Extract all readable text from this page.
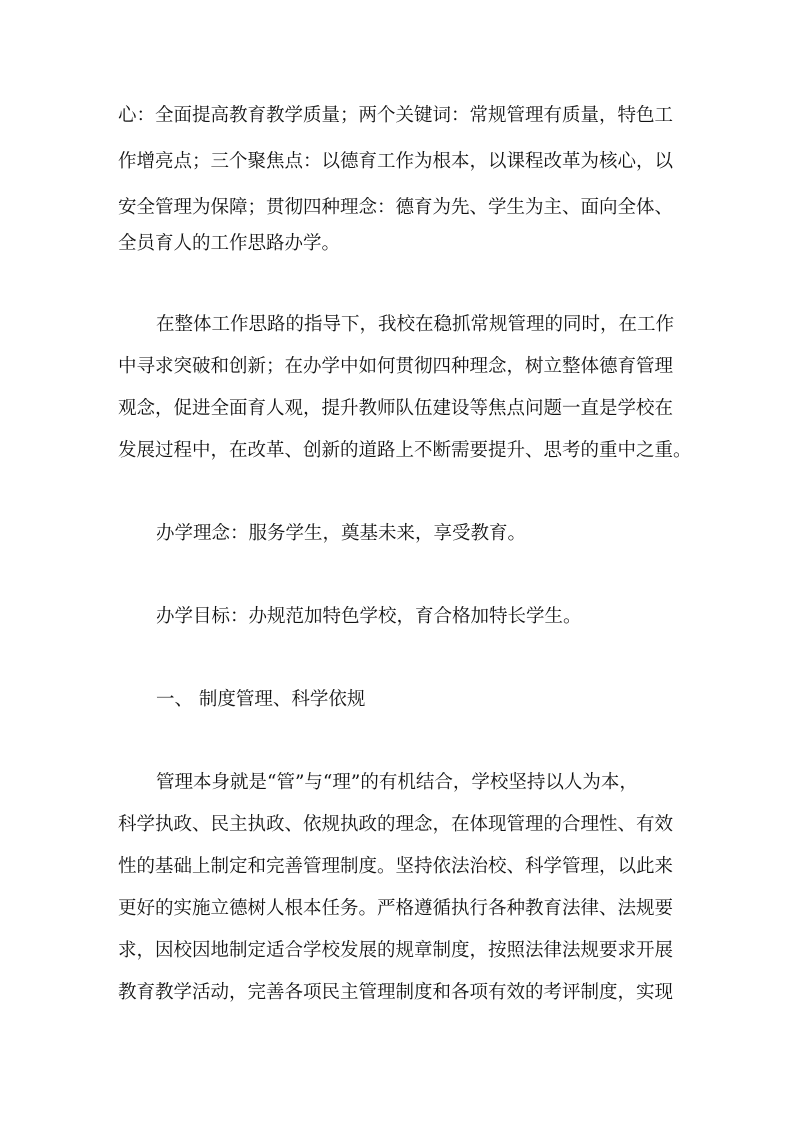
心：全面提高教育教学质量；两个关键词：常规管理有质量，特色工
作增亮点；三个聚焦点：以德育工作为根本，以课程改革为核心，以
安全管理为保障；贯彻四种理念：德育为先、学生为主、面向全体、
全员育人的工作思路办学。
在整体工作思路的指导下，我校在稳抓常规管理的同时，在工作
中寻求突破和创新；在办学中如何贯彻四种理念，树立整体德育管理
观念，促进全面育人观，提升教师队伍建设等焦点问题一直是学校在
发展过程中，在改革、创新的道路上不断需要提升、思考的重中之重。
办学理念：服务学生，奠基未来，享受教育。
办学目标：办规范加特色学校，育合格加特长学生。
一、 制度管理、科学依规
管理本身就是“管”与“理”的有机结合，学校坚持以人为本，
科学执政、民主执政、依规执政的理念，在体现管理的合理性、有效
性的基础上制定和完善管理制度。坚持依法治校、科学管理，以此来
更好的实施立德树人根本任务。严格遵循执行各种教育法律、法规要
求，因校因地制定适合学校发展的规章制度，按照法律法规要求开展
教育教学活动，完善各项民主管理制度和各项有效的考评制度，实现
